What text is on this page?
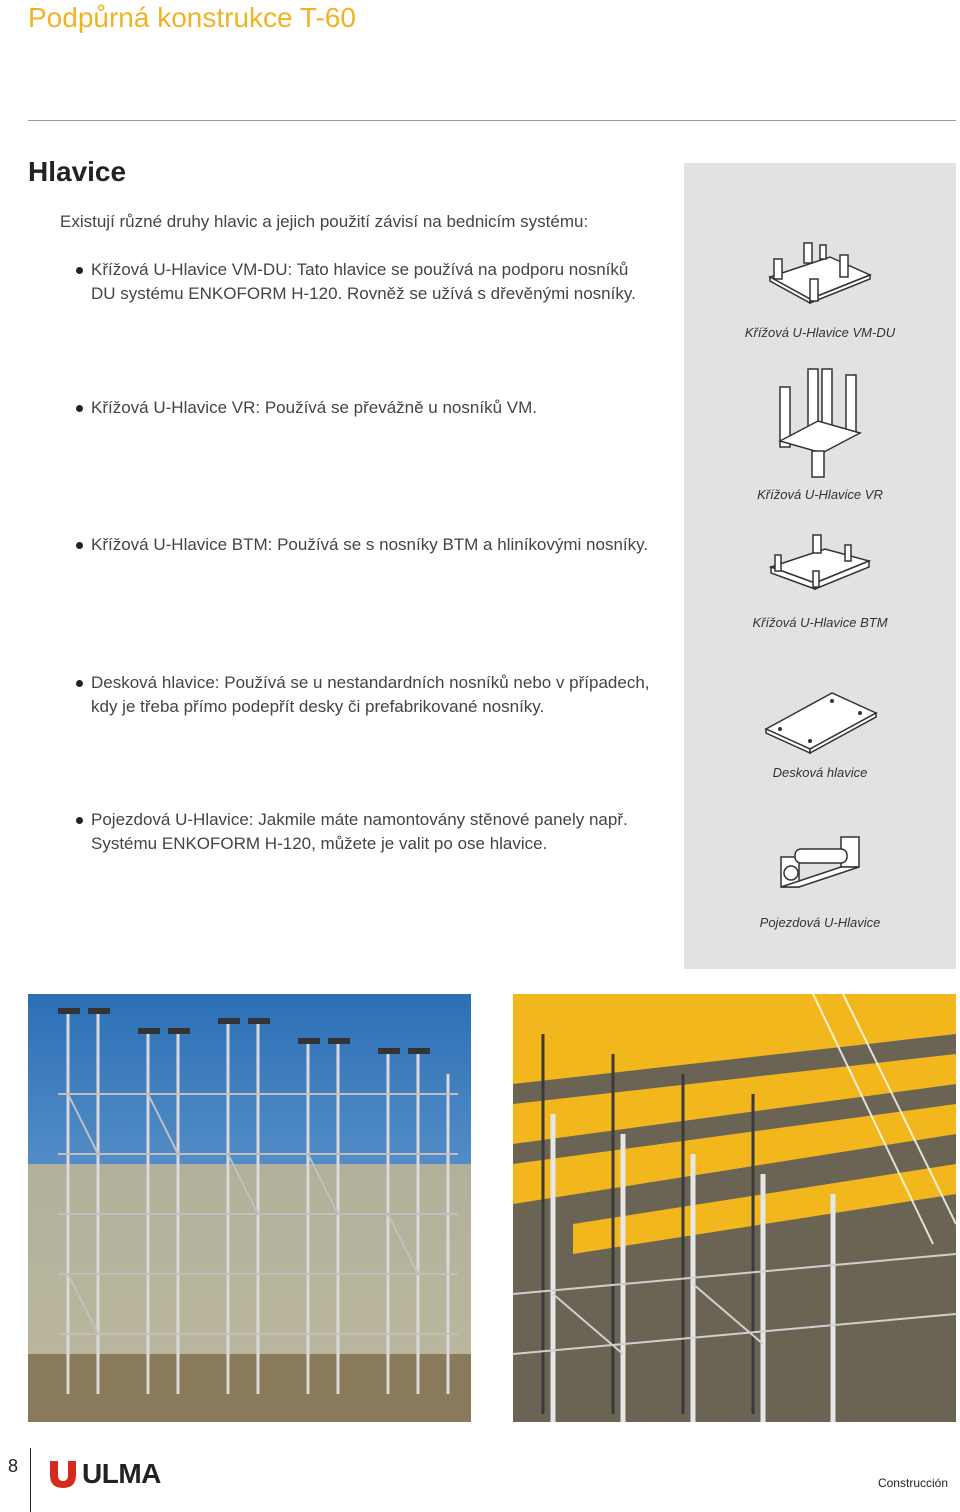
Podpůrná konstrukce T-60
Hlavice
Existují různé druhy hlavic a jejich použití závisí na bednicím systému:
Křížová U-Hlavice VM-DU: Tato hlavice se používá na podporu nosníků
DU systému ENKOFORM H-120. Rovněž se užívá s dřevěnými nosníky.
Křížová U-Hlavice VR: Používá se převážně u nosníků VM.
Křížová U-Hlavice BTM: Používá se s nosníky BTM a hliníkovými nosníky.
Desková hlavice: Používá se u nestandardních nosníků nebo v případech,
kdy je třeba přímo podepřít desky či prefabrikované nosníky.
Pojezdová U-Hlavice: Jakmile máte namontovány stěnové panely např.
Systému ENKOFORM H-120, můžete je valit po ose hlavice.
Křížová U-Hlavice VM-DU
Křížová U-Hlavice VR
Křížová U-Hlavice BTM
Desková hlavice
Pojezdová U-Hlavice
8 ULMA	Construcción
